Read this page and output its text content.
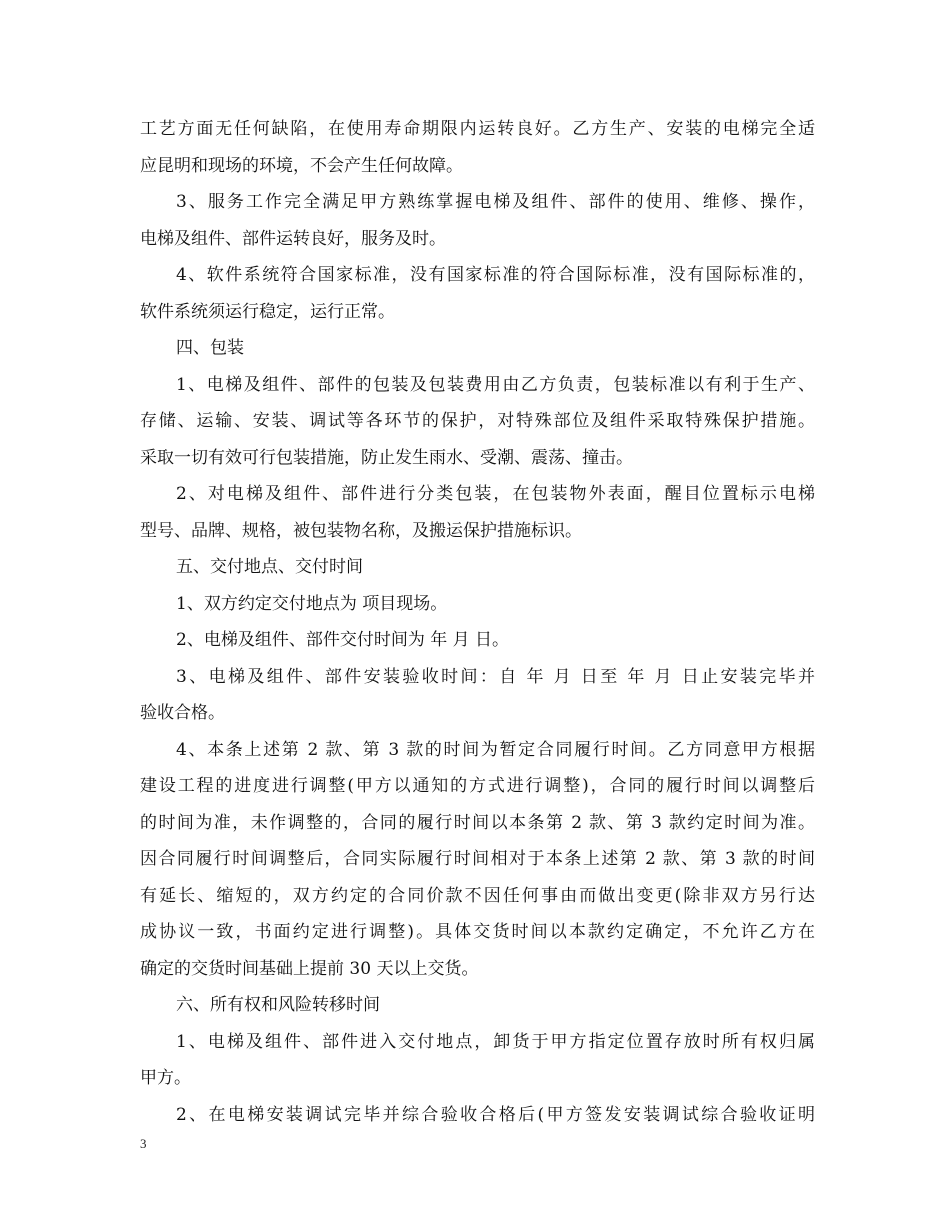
工艺方面无任何缺陷，在使用寿命期限内运转良好。乙方生产、安装的电梯完全适
应昆明和现场的环境，不会产生任何故障。
3、服务工作完全满足甲方熟练掌握电梯及组件、部件的使用、维修、操作，
电梯及组件、部件运转良好，服务及时。
4、软件系统符合国家标准，没有国家标准的符合国际标准，没有国际标准的，
软件系统须运行稳定，运行正常。
四、包装
1、电梯及组件、部件的包装及包装费用由乙方负责，包装标准以有利于生产、
存储、运输、安装、调试等各环节的保护，对特殊部位及组件采取特殊保护措施。
采取一切有效可行包装措施，防止发生雨水、受潮、震荡、撞击。
2、对电梯及组件、部件进行分类包装，在包装物外表面，醒目位置标示电梯
型号、品牌、规格，被包装物名称，及搬运保护措施标识。
五、交付地点、交付时间
1、双方约定交付地点为 项目现场。
2、电梯及组件、部件交付时间为 年 月 日。
3、电梯及组件、部件安装验收时间：自 年 月 日至 年 月 日止安装完毕并
验收合格。
4、本条上述第 2 款、第 3 款的时间为暂定合同履行时间。乙方同意甲方根据
建设工程的进度进行调整(甲方以通知的方式进行调整)，合同的履行时间以调整后
的时间为准，未作调整的，合同的履行时间以本条第 2 款、第 3 款约定时间为准。
因合同履行时间调整后，合同实际履行时间相对于本条上述第 2 款、第 3 款的时间
有延长、缩短的，双方约定的合同价款不因任何事由而做出变更(除非双方另行达
成协议一致，书面约定进行调整)。具体交货时间以本款约定确定，不允许乙方在
确定的交货时间基础上提前 30 天以上交货。
六、所有权和风险转移时间
1、电梯及组件、部件进入交付地点，卸货于甲方指定位置存放时所有权归属
甲方。
2、在电梯安装调试完毕并综合验收合格后(甲方签发安装调试综合验收证明
3
